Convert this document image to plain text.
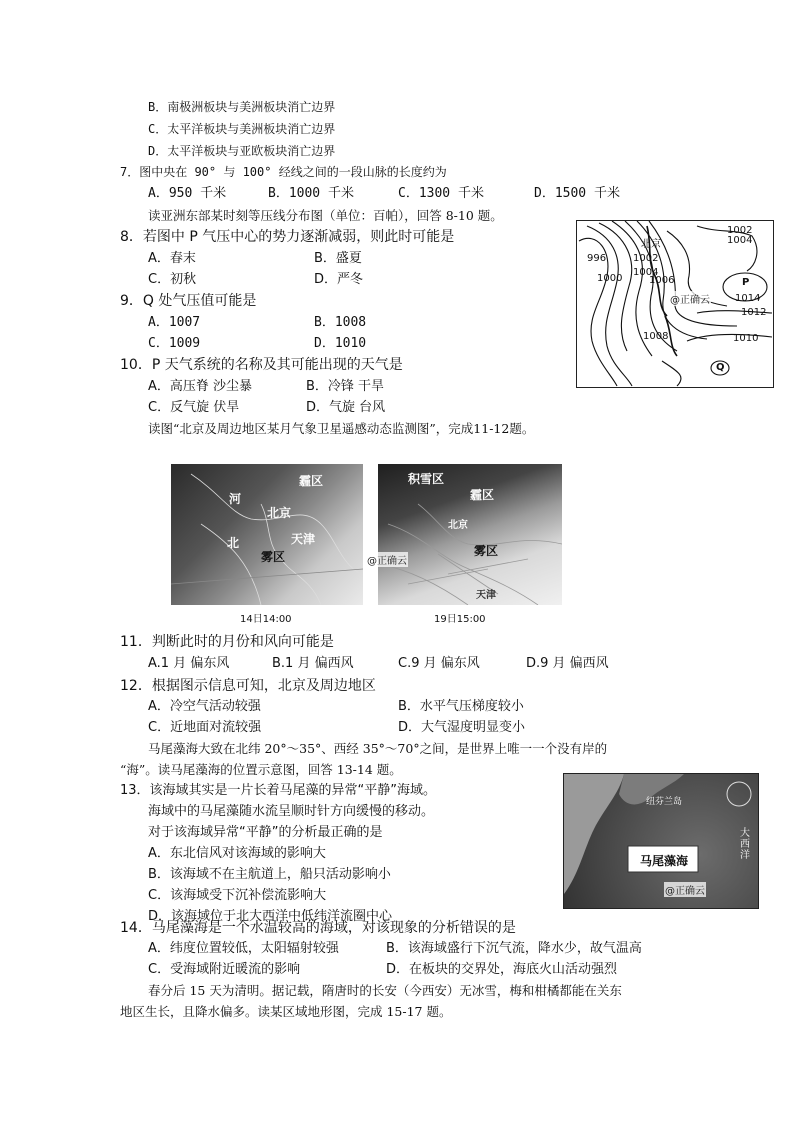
B．南极洲板块与美洲板块消亡边界
C．太平洋板块与美洲板块消亡边界
D．太平洋板块与亚欧板块消亡边界
7．图中央在 90° 与 100° 经线之间的一段山脉的长度约为
A．950 千米	B．1000 千米	C．1300 千米	D．1500 千米
读亚洲东部某时刻等压线分布图（单位：百帕），回答 8-10 题。
8．若图中 P 气压中心的势力逐渐减弱，则此时可能是
A．春末	B．盛夏
C．初秋	D．严冬
9．Q 处气压值可能是
A．1007	B．1008
C．1009	D．1010
10．P 天气系统的名称及其可能出现的天气是
A．高压脊 沙尘暴	B．冷锋 干旱
C．反气旋 伏旱	D．气旋 台风
1002
1004
996	1002
1000
1004
1006
1014
1012
1008	1010
P
Q
北京
@正确云
读图“北京及周边地区某月气象卫星遥感动态监测图”，完成11-12题。
霾区
河
北京
北	天津
雾区
14日14:00
积雪区
霾区
雾区
北京
天津
@正确云
19日15:00
11．判断此时的月份和风向可能是
A.1 月 偏东风	B.1 月 偏西风	C.9 月 偏东风	D.9 月 偏西风
12．根据图示信息可知，北京及周边地区
A．冷空气活动较强	B．水平气压梯度较小
C．近地面对流较强	D．大气湿度明显变小
马尾藻海大致在北纬 20°～35°、西经 35°～70°之间，是世界上唯一一个没有岸的
“海”。读马尾藻海的位置示意图，回答 13-14 题。
13．该海域其实是一片长着马尾藻的异常“平静”海域。
海域中的马尾藻随水流呈顺时针方向缓慢的移动。
对于该海域异常“平静”的分析最正确的是
A．东北信风对该海域的影响大
B．该海域不在主航道上，船只活动影响小
C．该海域受下沉补偿流影响大
D．该海域位于北大西洋中低纬洋流圈中心
纽芬兰岛
大西洋
马尾藻海
@正确云
14．马尾藻海是一个水温较高的海域，对该现象的分析错误的是
A．纬度位置较低，太阳辐射较强	B．该海域盛行下沉气流，降水少，故气温高
C．受海域附近暖流的影响	D．在板块的交界处，海底火山活动强烈
春分后 15 天为清明。据记载，隋唐时的长安（今西安）无冰雪，梅和柑橘都能在关东
地区生长，且降水偏多。读某区域地形图，完成 15-17 题。
